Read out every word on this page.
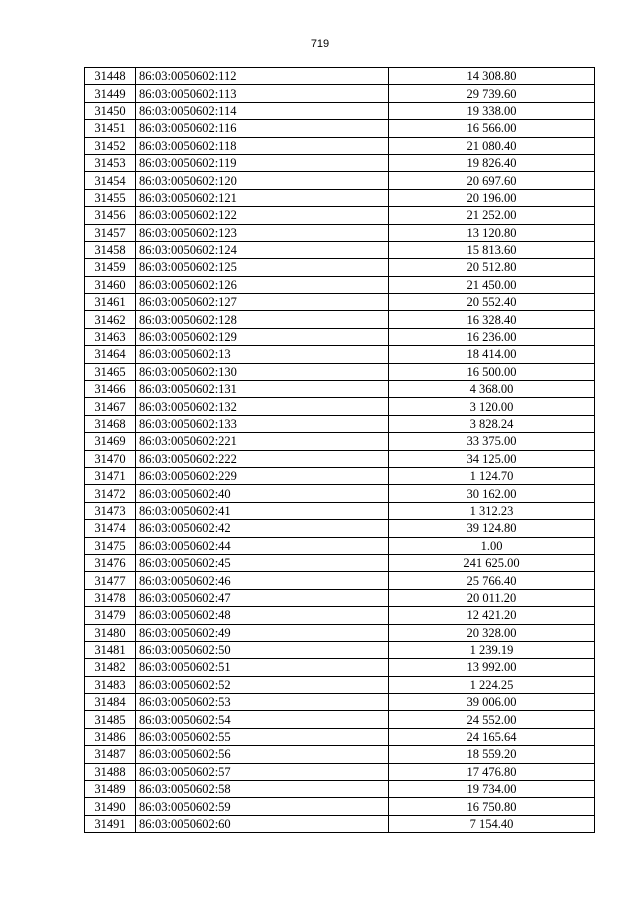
719
31448	86:03:0050602:112	14 308.80
31449	86:03:0050602:113	29 739.60
31450	86:03:0050602:114	19 338.00
31451	86:03:0050602:116	16 566.00
31452	86:03:0050602:118	21 080.40
31453	86:03:0050602:119	19 826.40
31454	86:03:0050602:120	20 697.60
31455	86:03:0050602:121	20 196.00
31456	86:03:0050602:122	21 252.00
31457	86:03:0050602:123	13 120.80
31458	86:03:0050602:124	15 813.60
31459	86:03:0050602:125	20 512.80
31460	86:03:0050602:126	21 450.00
31461	86:03:0050602:127	20 552.40
31462	86:03:0050602:128	16 328.40
31463	86:03:0050602:129	16 236.00
31464	86:03:0050602:13	18 414.00
31465	86:03:0050602:130	16 500.00
31466	86:03:0050602:131	4 368.00
31467	86:03:0050602:132	3 120.00
31468	86:03:0050602:133	3 828.24
31469	86:03:0050602:221	33 375.00
31470	86:03:0050602:222	34 125.00
31471	86:03:0050602:229	1 124.70
31472	86:03:0050602:40	30 162.00
31473	86:03:0050602:41	1 312.23
31474	86:03:0050602:42	39 124.80
31475	86:03:0050602:44	1.00
31476	86:03:0050602:45	241 625.00
31477	86:03:0050602:46	25 766.40
31478	86:03:0050602:47	20 011.20
31479	86:03:0050602:48	12 421.20
31480	86:03:0050602:49	20 328.00
31481	86:03:0050602:50	1 239.19
31482	86:03:0050602:51	13 992.00
31483	86:03:0050602:52	1 224.25
31484	86:03:0050602:53	39 006.00
31485	86:03:0050602:54	24 552.00
31486	86:03:0050602:55	24 165.64
31487	86:03:0050602:56	18 559.20
31488	86:03:0050602:57	17 476.80
31489	86:03:0050602:58	19 734.00
31490	86:03:0050602:59	16 750.80
31491	86:03:0050602:60	7 154.40
